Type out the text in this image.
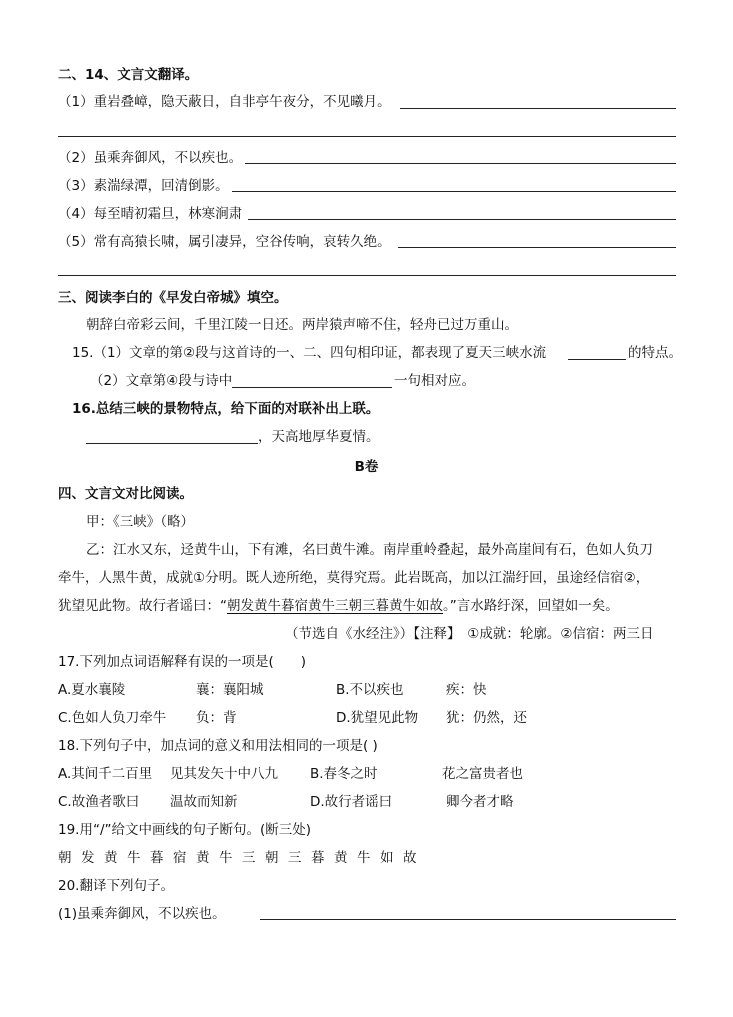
二、14、文言文翻译。
（1）重岩叠嶂，隐天蔽日，自非亭午夜分，不见曦月。
（2）虽乘奔御风，不以疾也。
（3）素湍绿潭，回清倒影。
（4）每至晴初霜旦，林寒涧肃
（5）常有高猿长啸，属引凄异，空谷传响，哀转久绝。
三、阅读李白的《早发白帝城》填空。
朝辞白帝彩云间，千里江陵一日还。两岸猿声啼不住，轻舟已过万重山。
15.（1）文章的第②段与这首诗的一、二、四句相印证，都表现了夏天三峡水流	的特点。
（2）文章第④段与诗中	一句相对应。
16.总结三峡的景物特点，给下面的对联补出上联。
，天高地厚华夏情。
B卷
四、文言文对比阅读。
甲：《三峡》（略）
乙：江水又东，迳黄牛山，下有滩，名曰黄牛滩。南岸重岭叠起，最外高崖间有石，色如人负刀
牵牛，人黑牛黄，成就①分明。既人迹所绝，莫得究焉。此岩既高，加以江湍纡回，虽途经信宿②，
犹望见此物。故行者谣曰：“朝发黄牛暮宿黄牛三朝三暮黄牛如故。”言水路纡深，回望如一矣。
（节选自《水经注》）【注释】　①成就：轮廓。②信宿：两三日
17.下列加点词语解释有误的一项是(　　)
A.夏水襄陵	襄：襄阳城	B.不以疾也	疾：快
C.色如人负刀牵牛 负：背	D.犹望见此物 犹：仍然，还
18.下列句子中，加点词的意义和用法相同的一项是( )
A.其间千二百里 见其发矢十中八九 B.春冬之时	花之富贵者也
C.故渔者歌曰 温故而知新	D.故行者谣曰	卿今者才略
19.用“/”给文中画线的句子断句。(断三处)
朝发黄牛暮宿黄牛三朝三暮黄牛如故
20.翻译下列句子。
(1)虽乘奔御风，不以疾也。
